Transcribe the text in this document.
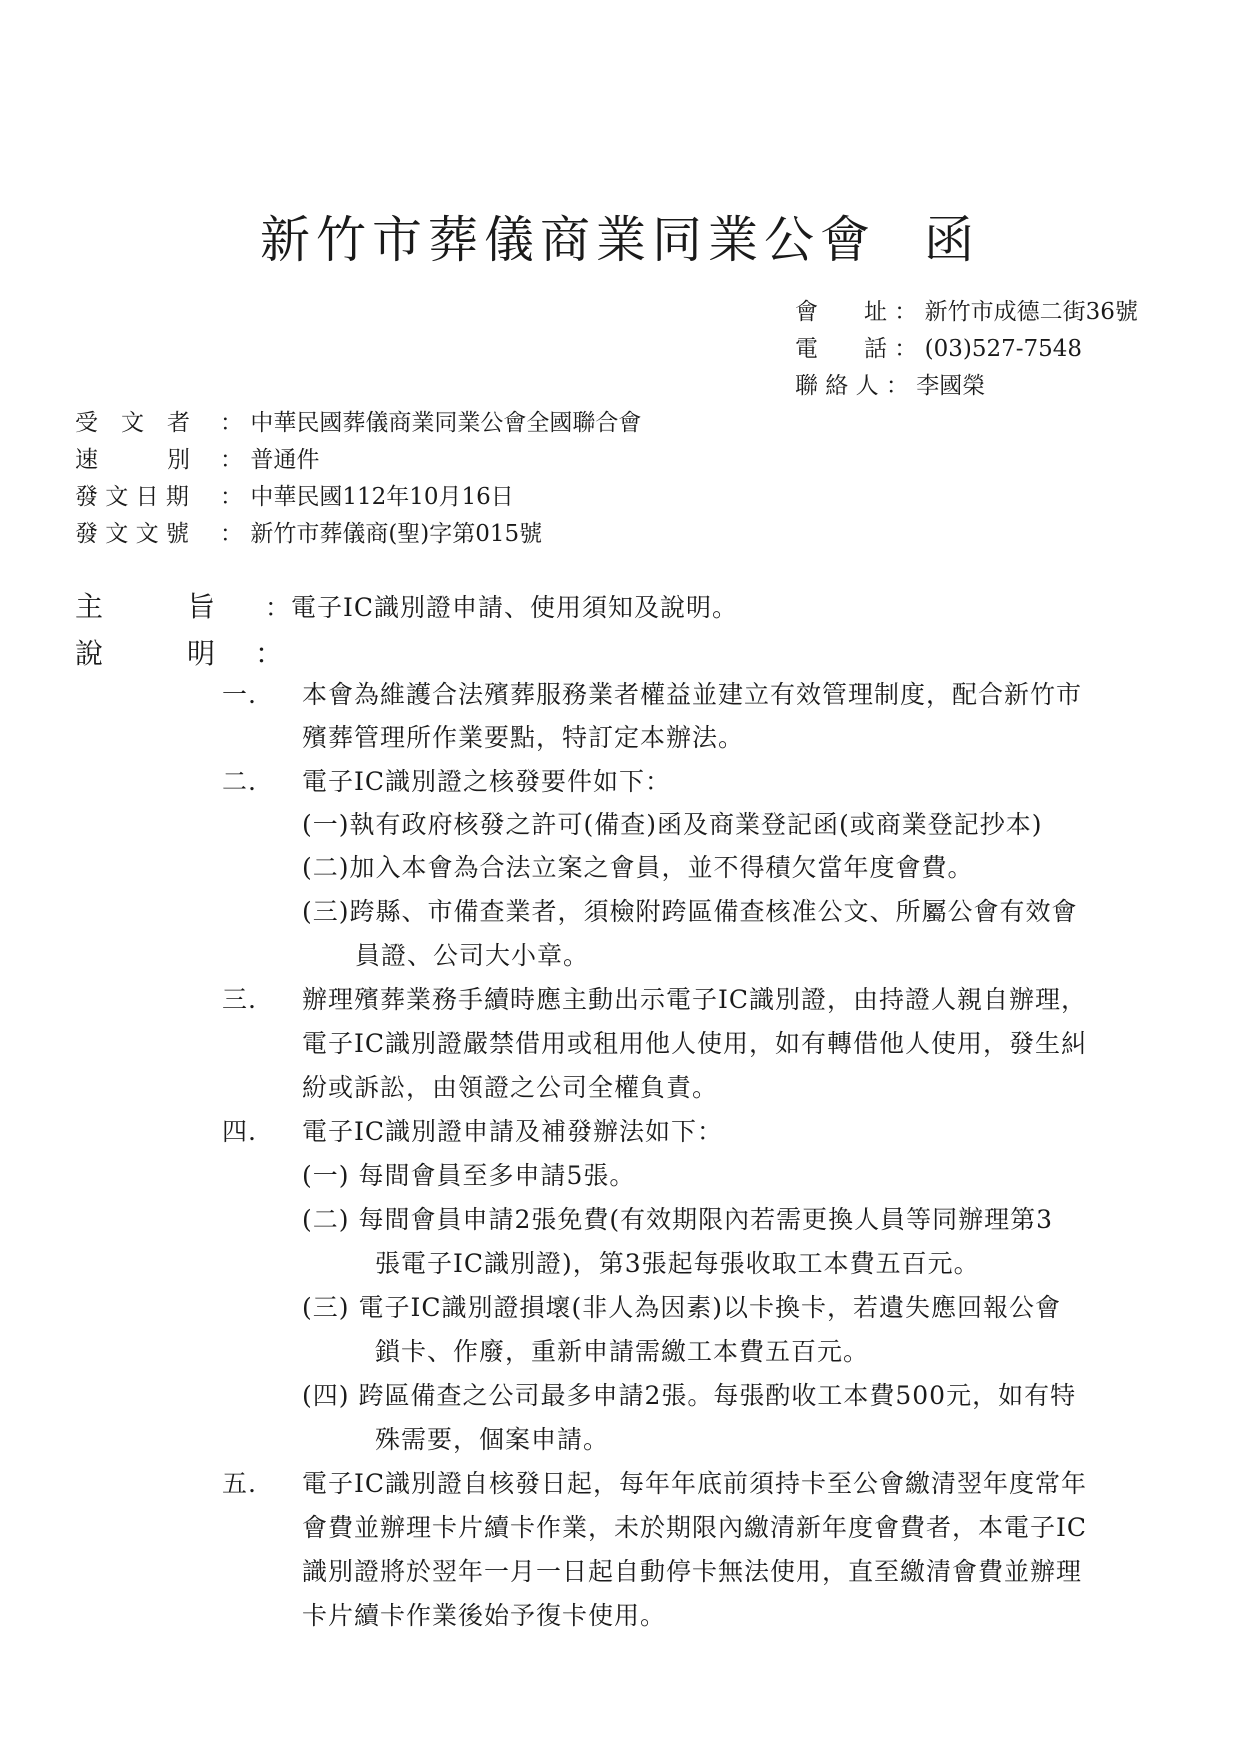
新竹市葬儀商業同業公會 函
會　　址 ： 新竹市成德二街36號
電　　話 ： (03)527-7548
聯 絡 人 ： 李國榮
受　文　者 ： 中華民國葬儀商業同業公會全國聯合會
速　　　別 ： 普通件
發 文 日 期 ： 中華民國112年10月16日
發 文 文 號 ： 新竹市葬儀商(聖)字第015號
主　　　旨 ：電子IC識別證申請、使用須知及說明。
說　　　明 ：
一. 本會為維護合法殯葬服務業者權益並建立有效管理制度，配合新竹市
殯葬管理所作業要點，特訂定本辦法。
二. 電子IC識別證之核發要件如下：
(一)執有政府核發之許可(備查)函及商業登記函(或商業登記抄本)
(二)加入本會為合法立案之會員，並不得積欠當年度會費。
(三)跨縣、市備查業者，須檢附跨區備查核准公文、所屬公會有效會
員證、公司大小章。
三. 辦理殯葬業務手續時應主動出示電子IC識別證，由持證人親自辦理，
電子IC識別證嚴禁借用或租用他人使用，如有轉借他人使用，發生糾
紛或訴訟，由領證之公司全權負責。
四. 電子IC識別證申請及補發辦法如下：
(一) 每間會員至多申請5張。
(二) 每間會員申請2張免費(有效期限內若需更換人員等同辦理第3
張電子IC識別證)，第3張起每張收取工本費五百元。
(三) 電子IC識別證損壞(非人為因素)以卡換卡，若遺失應回報公會
鎖卡、作廢，重新申請需繳工本費五百元。
(四) 跨區備查之公司最多申請2張。每張酌收工本費500元，如有特
殊需要，個案申請。
五. 電子IC識別證自核發日起，每年年底前須持卡至公會繳清翌年度常年
會費並辦理卡片續卡作業，未於期限內繳清新年度會費者，本電子IC
識別證將於翌年一月一日起自動停卡無法使用，直至繳清會費並辦理
卡片續卡作業後始予復卡使用。
